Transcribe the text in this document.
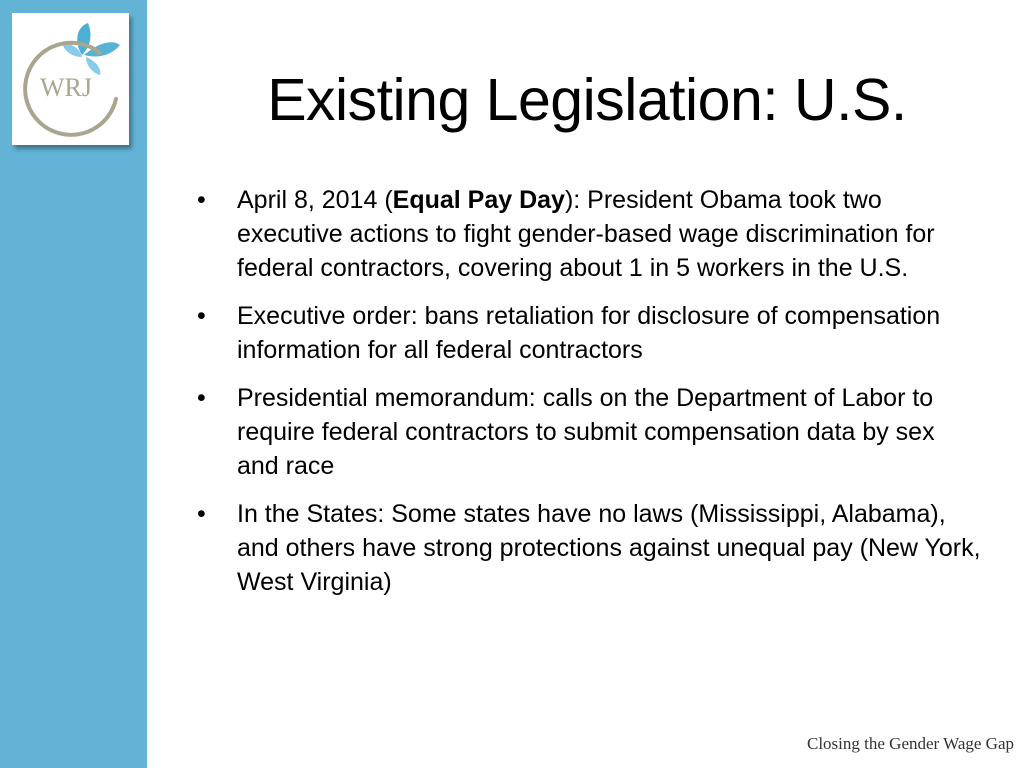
WRJ	Existing Legislation: U.S.
• April 8, 2014 (Equal Pay Day): President Obama took two executive actions to fight gender-based wage discrimination for federal contractors, covering about 1 in 5 workers in the U.S.
• Executive order: bans retaliation for disclosure of compensation information for all federal contractors
• Presidential memorandum: calls on the Department of Labor to require federal contractors to submit compensation data by sex and race
• In the States: Some states have no laws (Mississippi, Alabama), and others have strong protections against unequal pay (New York, West Virginia)
Closing the Gender Wage Gap
